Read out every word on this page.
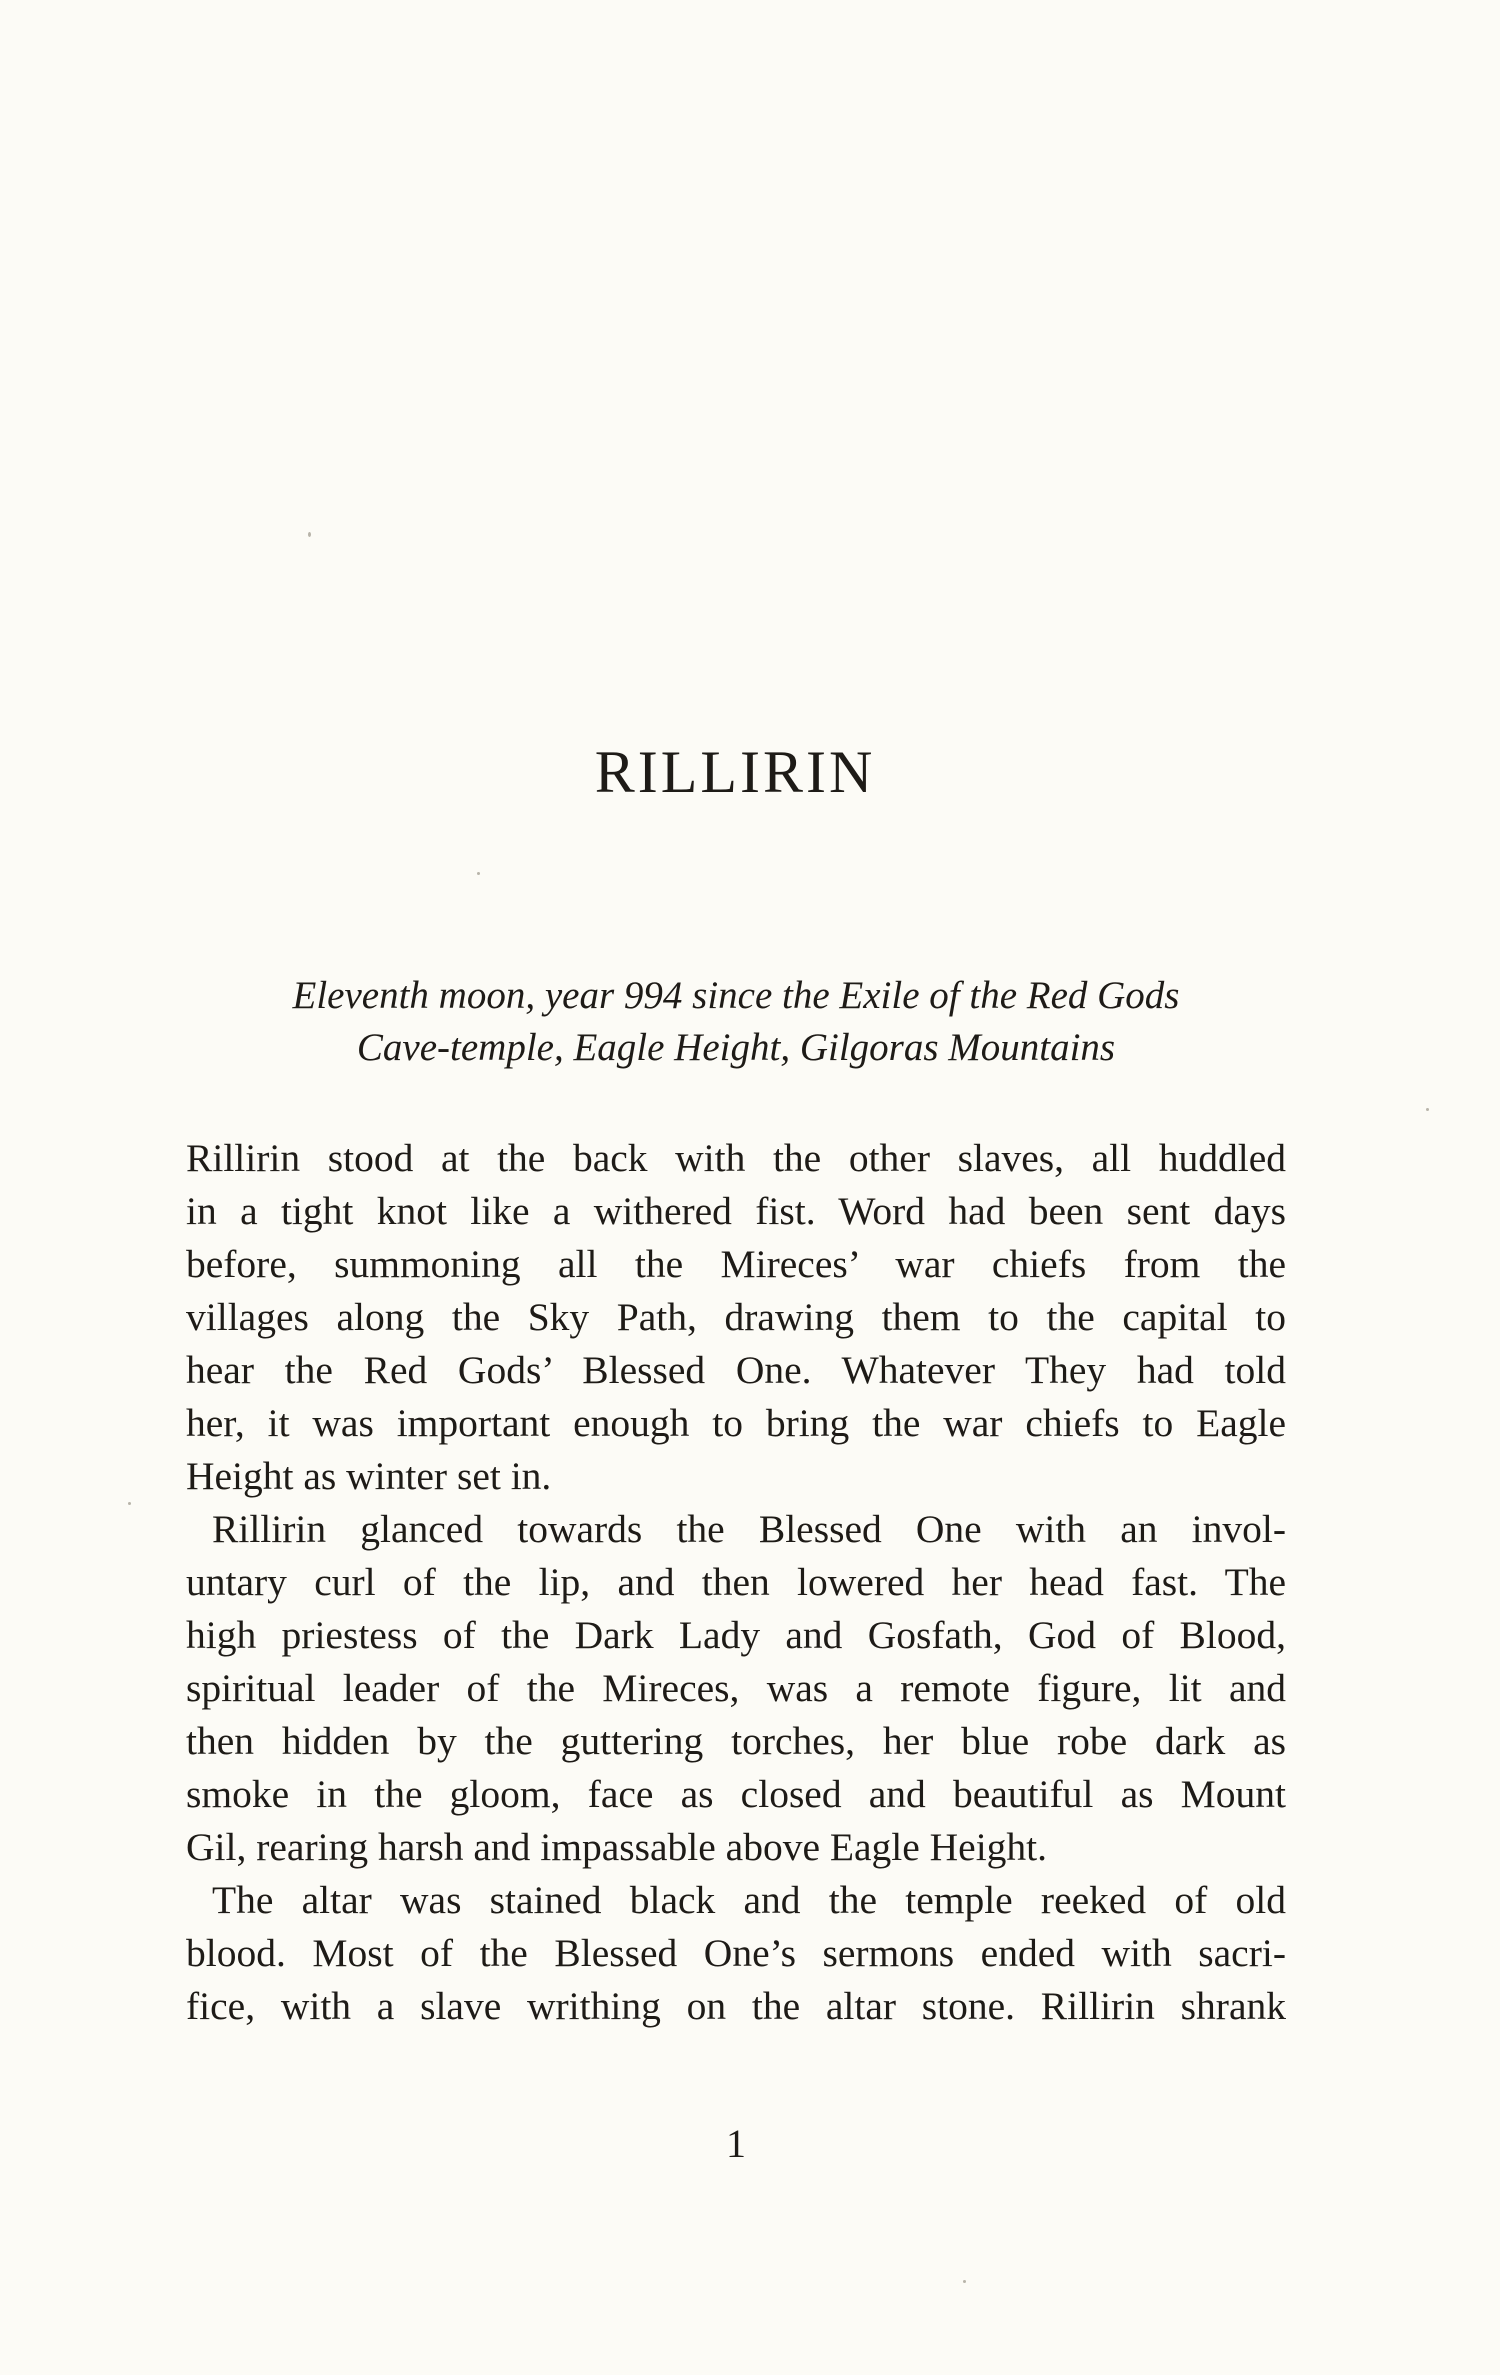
RILLIRIN
Eleventh moon, year 994 since the Exile of the Red Gods
Cave-temple, Eagle Height, Gilgoras Mountains

Rillirin stood at the back with the other slaves, all huddled
in a tight knot like a withered fist. Word had been sent days
before, summoning all the Mireces’ war chiefs from the
villages along the Sky Path, drawing them to the capital to
hear the Red Gods’ Blessed One. Whatever They had told
her, it was important enough to bring the war chiefs to Eagle
Height as winter set in.

Rillirin glanced towards the Blessed One with an invol-
untary curl of the lip, and then lowered her head fast. The
high priestess of the Dark Lady and Gosfath, God of Blood,
spiritual leader of the Mireces, was a remote figure, lit and
then hidden by the guttering torches, her blue robe dark as
smoke in the gloom, face as closed and beautiful as Mount
Gil, rearing harsh and impassable above Eagle Height.

The altar was stained black and the temple reeked of old
blood. Most of the Blessed One’s sermons ended with sacri-
fice, with a slave writhing on the altar stone. Rillirin shrank

1
